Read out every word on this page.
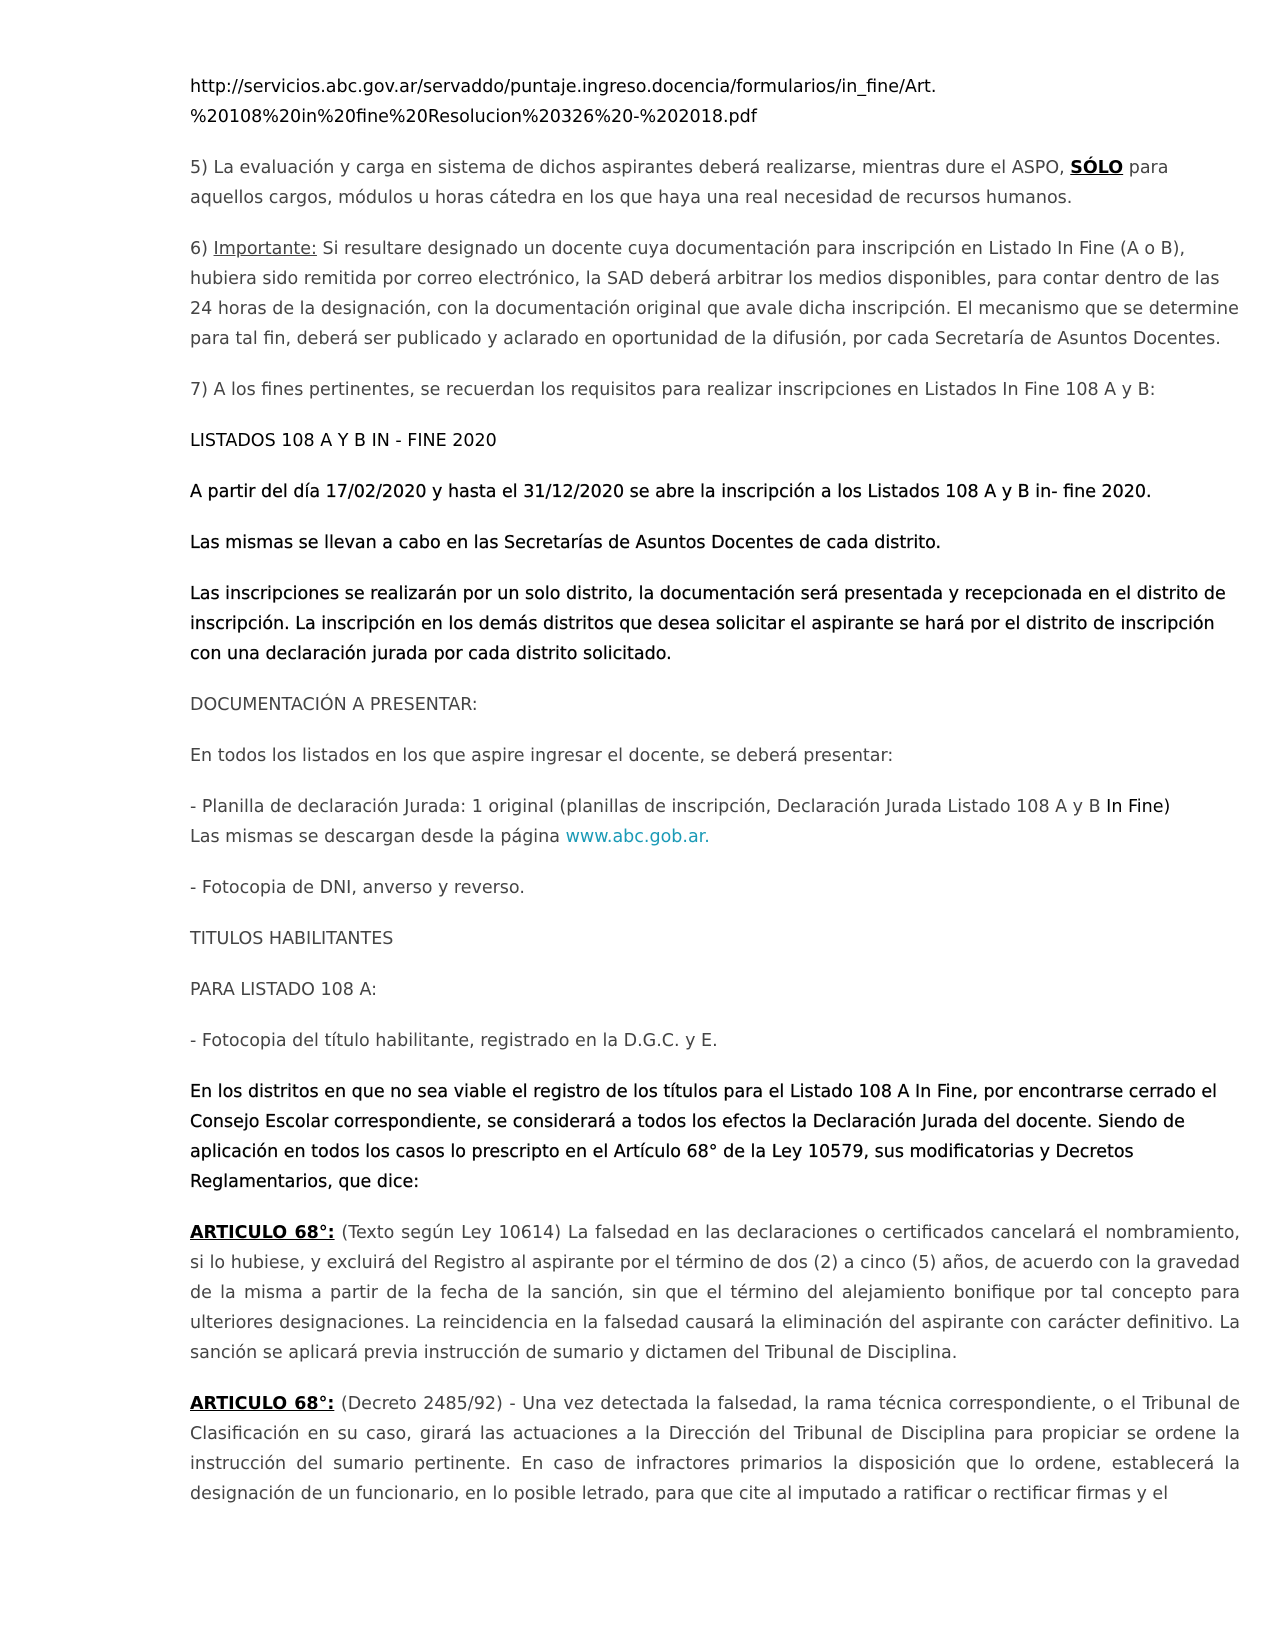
http://servicios.abc.gov.ar/servaddo/puntaje.ingreso.docencia/formularios/in_fine/Art.
%20108%20in%20fine%20Resolucion%20326%20-%202018.pdf

5) La evaluación y carga en sistema de dichos aspirantes deberá realizarse, mientras dure el ASPO, SÓLO para aquellos cargos, módulos u horas cátedra en los que haya una real necesidad de recursos humanos.

6) Importante: Si resultare designado un docente cuya documentación para inscripción en Listado In Fine (A o B), hubiera sido remitida por correo electrónico, la SAD deberá arbitrar los medios disponibles, para contar dentro de las 24 horas de la designación, con la documentación original que avale dicha inscripción. El mecanismo que se determine para tal fin, deberá ser publicado y aclarado en oportunidad de la difusión, por cada Secretaría de Asuntos Docentes.

7) A los fines pertinentes, se recuerdan los requisitos para realizar inscripciones en Listados In Fine 108 A y B:

LISTADOS 108 A Y B IN - FINE 2020

A partir del día 17/02/2020 y hasta el 31/12/2020 se abre la inscripción a los Listados 108 A y B in- fine 2020.

Las mismas se llevan a cabo en las Secretarías de Asuntos Docentes de cada distrito.

Las inscripciones se realizarán por un solo distrito, la documentación será presentada y recepcionada en el distrito de inscripción. La inscripción en los demás distritos que desea solicitar el aspirante se hará por el distrito de inscripción con una declaración jurada por cada distrito solicitado.

DOCUMENTACIÓN A PRESENTAR:

En todos los listados en los que aspire ingresar el docente, se deberá presentar:

- Planilla de declaración Jurada: 1 original (planillas de inscripción, Declaración Jurada Listado 108 A y B In Fine)
Las mismas se descargan desde la página www.abc.gob.ar.

- Fotocopia de DNI, anverso y reverso.

TITULOS HABILITANTES

PARA LISTADO 108 A:

- Fotocopia del título habilitante, registrado en la D.G.C. y E.

En los distritos en que no sea viable el registro de los títulos para el Listado 108 A In Fine, por encontrarse cerrado el Consejo Escolar correspondiente, se considerará a todos los efectos la Declaración Jurada del docente. Siendo de aplicación en todos los casos lo prescripto en el Artículo 68° de la Ley 10579, sus modificatorias y Decretos Reglamentarios, que dice:

ARTICULO 68°: (Texto según Ley 10614) La falsedad en las declaraciones o certificados cancelará el nombramiento, si lo hubiese, y excluirá del Registro al aspirante por el término de dos (2) a cinco (5) años, de acuerdo con la gravedad de la misma a partir de la fecha de la sanción, sin que el término del alejamiento bonifique por tal concepto para ulteriores designaciones. La reincidencia en la falsedad causará la eliminación del aspirante con carácter definitivo. La sanción se aplicará previa instrucción de sumario y dictamen del Tribunal de Disciplina.

ARTICULO 68°: (Decreto 2485/92) - Una vez detectada la falsedad, la rama técnica correspondiente, o el Tribunal de Clasificación en su caso, girará las actuaciones a la Dirección del Tribunal de Disciplina para propiciar se ordene la instrucción del sumario pertinente. En caso de infractores primarios la disposición que lo ordene, establecerá la designación de un funcionario, en lo posible letrado, para que cite al imputado a ratificar o rectificar firmas y el
